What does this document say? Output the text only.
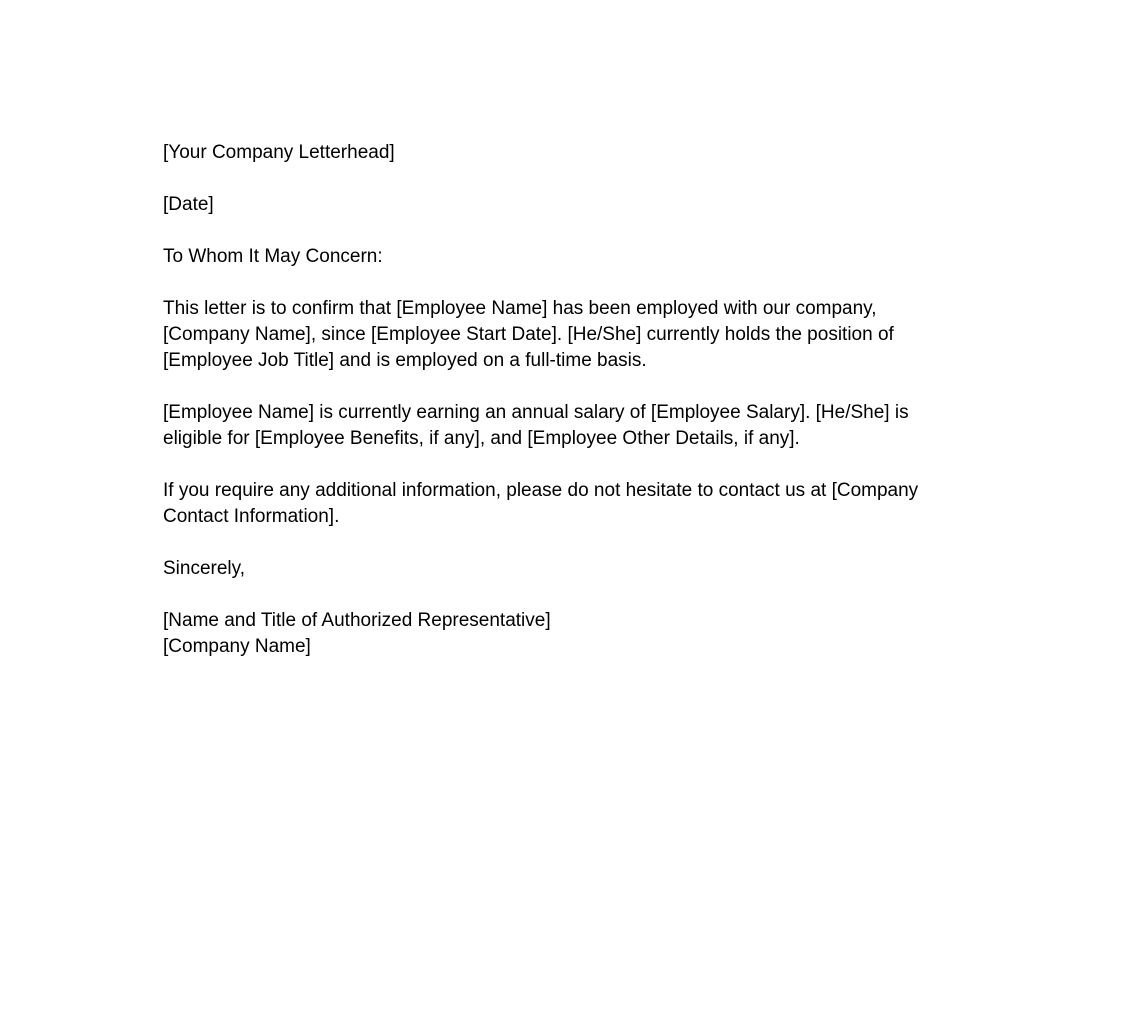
[Your Company Letterhead]

[Date]

To Whom It May Concern:

This letter is to confirm that [Employee Name] has been employed with our company, [Company Name], since [Employee Start Date]. [He/She] currently holds the position of [Employee Job Title] and is employed on a full-time basis.

[Employee Name] is currently earning an annual salary of [Employee Salary]. [He/She] is eligible for [Employee Benefits, if any], and [Employee Other Details, if any].

If you require any additional information, please do not hesitate to contact us at [Company Contact Information].

Sincerely,

[Name and Title of Authorized Representative]

[Company Name]
